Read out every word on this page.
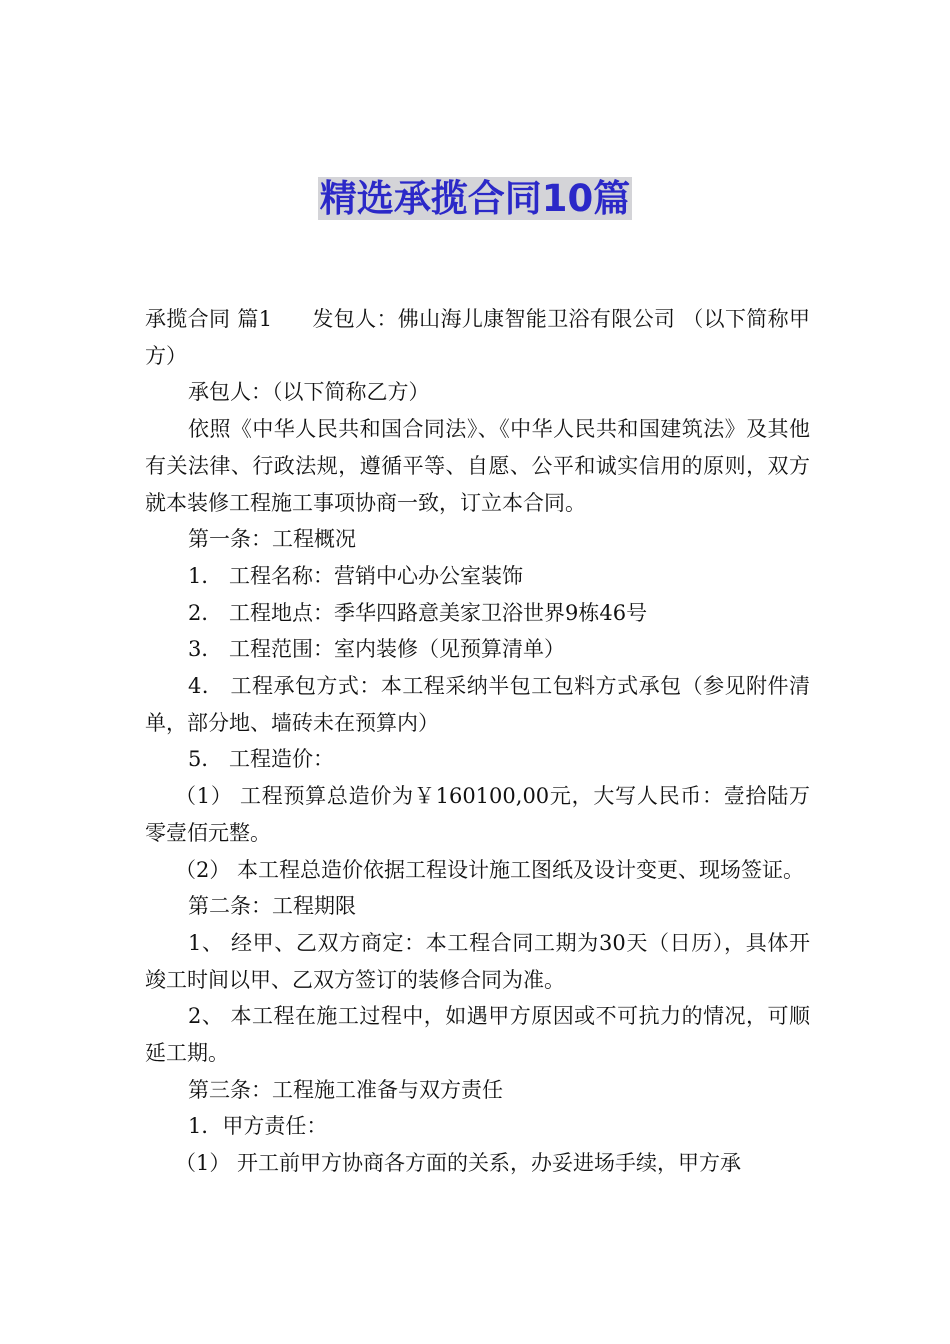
精选承揽合同10篇

承揽合同 篇1 发包人：佛山海儿康智能卫浴有限公司 （以下简称甲方）

承包人：（以下简称乙方）

依照《中华人民共和国合同法》、《中华人民共和国建筑法》及其他有关法律、行政法规，遵循平等、自愿、公平和诚实信用的原则，双方就本装修工程施工事项协商一致，订立本合同。

第一条：工程概况

1． 工程名称：营销中心办公室装饰

2． 工程地点：季华四路意美家卫浴世界9栋46号

3． 工程范围：室内装修（见预算清单）

4． 工程承包方式：本工程采纳半包工包料方式承包（参见附件清单，部分地、墙砖未在预算内）

5． 工程造价：

（1） 工程预算总造价为￥160100,00元，大写人民币：壹拾陆万零壹佰元整。

（2） 本工程总造价依据工程设计施工图纸及设计变更、现场签证。

第二条：工程期限

1、 经甲、乙双方商定：本工程合同工期为30天（日历），具体开竣工时间以甲、乙双方签订的装修合同为准。

2、 本工程在施工过程中，如遇甲方原因或不可抗力的情况，可顺延工期。

第三条：工程施工准备与双方责任

1．甲方责任：

（1） 开工前甲方协商各方面的关系，办妥进场手续，甲方承
